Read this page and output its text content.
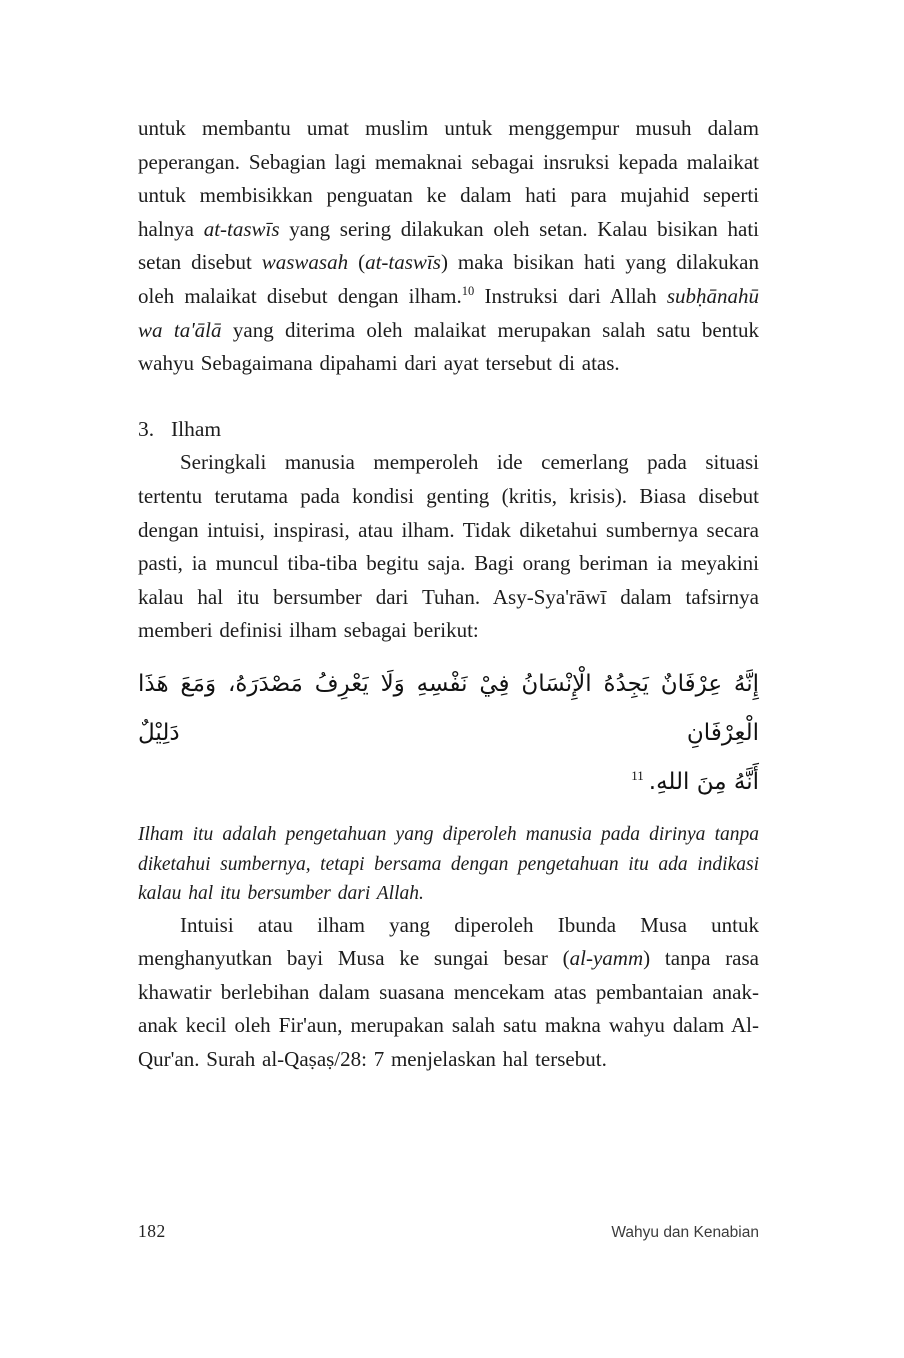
untuk membantu umat muslim untuk menggempur musuh dalam peperangan. Sebagian lagi memaknai sebagai insruksi kepada malaikat untuk membisikkan penguatan ke dalam hati para mujahid seperti halnya at-taswīs yang sering dilakukan oleh setan. Kalau bisikan hati setan disebut waswasah (at-taswīs) maka bisikan hati yang dilakukan oleh malaikat disebut dengan ilham.$^{10}$ Instruksi dari Allah subḥānahū wa ta'ālā yang diterima oleh malaikat merupakan salah satu bentuk wahyu Sebagaimana dipahami dari ayat tersebut di atas.

3. Ilham

Seringkali manusia memperoleh ide cemerlang pada situasi tertentu terutama pada kondisi genting (kritis, krisis). Biasa disebut dengan intuisi, inspirasi, atau ilham. Tidak diketahui sumbernya secara pasti, ia muncul tiba-tiba begitu saja. Bagi orang beriman ia meyakini kalau hal itu bersumber dari Tuhan. Asy-Sya'rāwī dalam tafsirnya memberi definisi ilham sebagai berikut:

إِنَّهُ عِرْفَانٌ يَجِدُهُ الْإِنْسَانُ فِيْ نَفْسِهِ وَلَا يَعْرِفُ مَصْدَرَهُ، وَمَعَ هَذَا الْعِرْفَانِ دَلِيْلٌ
أَنَّهُ مِنَ اللهِ.$^{11}$

Ilham itu adalah pengetahuan yang diperoleh manusia pada dirinya tanpa diketahui sumbernya, tetapi bersama dengan pengetahuan itu ada indikasi kalau hal itu bersumber dari Allah.

Intuisi atau ilham yang diperoleh Ibunda Musa untuk menghanyutkan bayi Musa ke sungai besar (al-yamm) tanpa rasa khawatir berlebihan dalam suasana mencekam atas pembantaian anak-anak kecil oleh Fir'aun, merupakan salah satu makna wahyu dalam Al-Qur'an. Surah al-Qaṣaṣ/28: 7 menjelaskan hal tersebut.

182	Wahyu dan Kenabian
